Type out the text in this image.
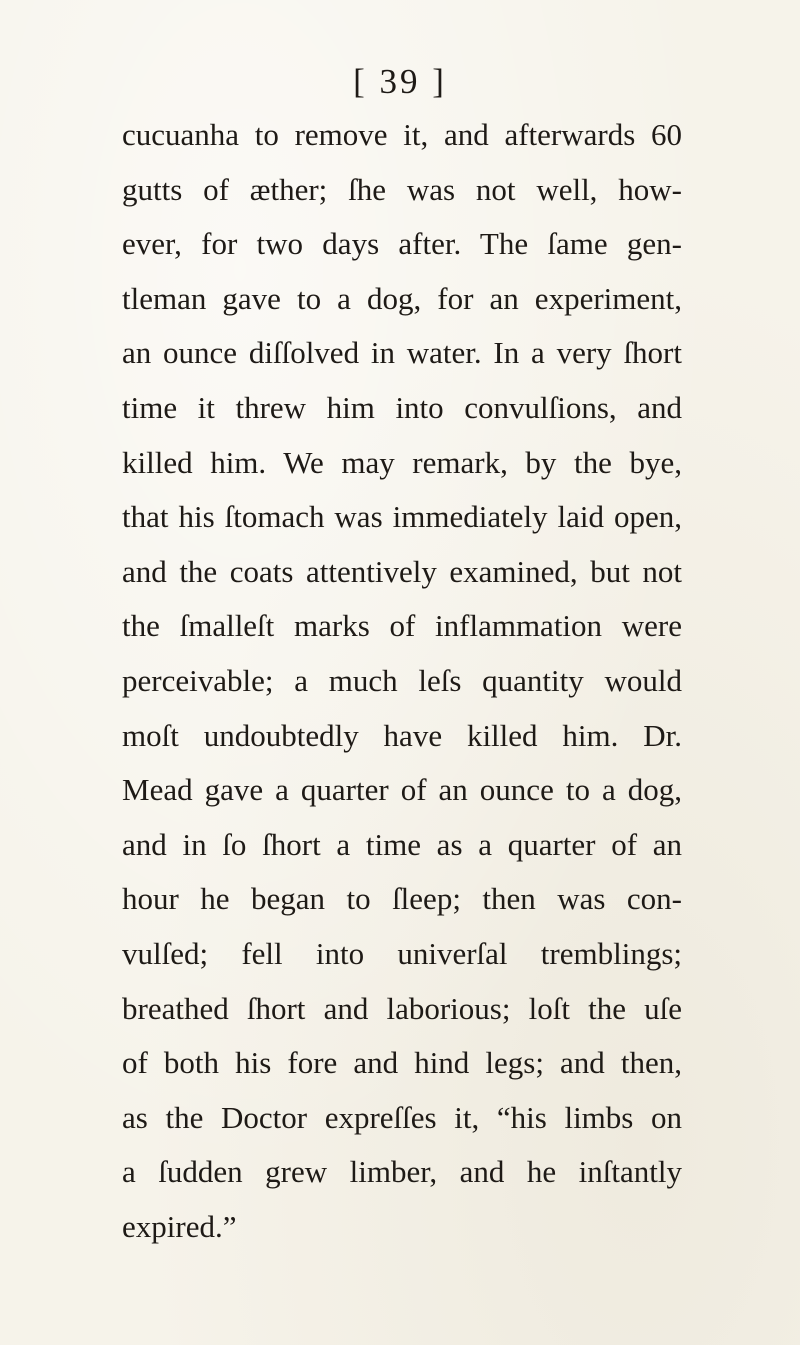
[ 39 ]
cucuanha to remove it, and afterwards 60
gutts of æther; ſhe was not well, how-
ever, for two days after. The ſame gen-
tleman gave to a dog, for an experiment,
an ounce diſſolved in water. In a very ſhort
time it threw him into convulſions, and
killed him. We may remark, by the bye,
that his ſtomach was immediately laid open,
and the coats attentively examined, but not
the ſmalleſt marks of inflammation were
perceivable; a much leſs quantity would
moſt undoubtedly have killed him. Dr.
Mead gave a quarter of an ounce to a dog,
and in ſo ſhort a time as a quarter of an
hour he began to ſleep; then was con-
vulſed; fell into univerſal tremblings;
breathed ſhort and laborious; loſt the uſe
of both his fore and hind legs; and then,
as the Doctor expreſſes it, “his limbs on
a ſudden grew limber, and he inſtantly
expired.”
